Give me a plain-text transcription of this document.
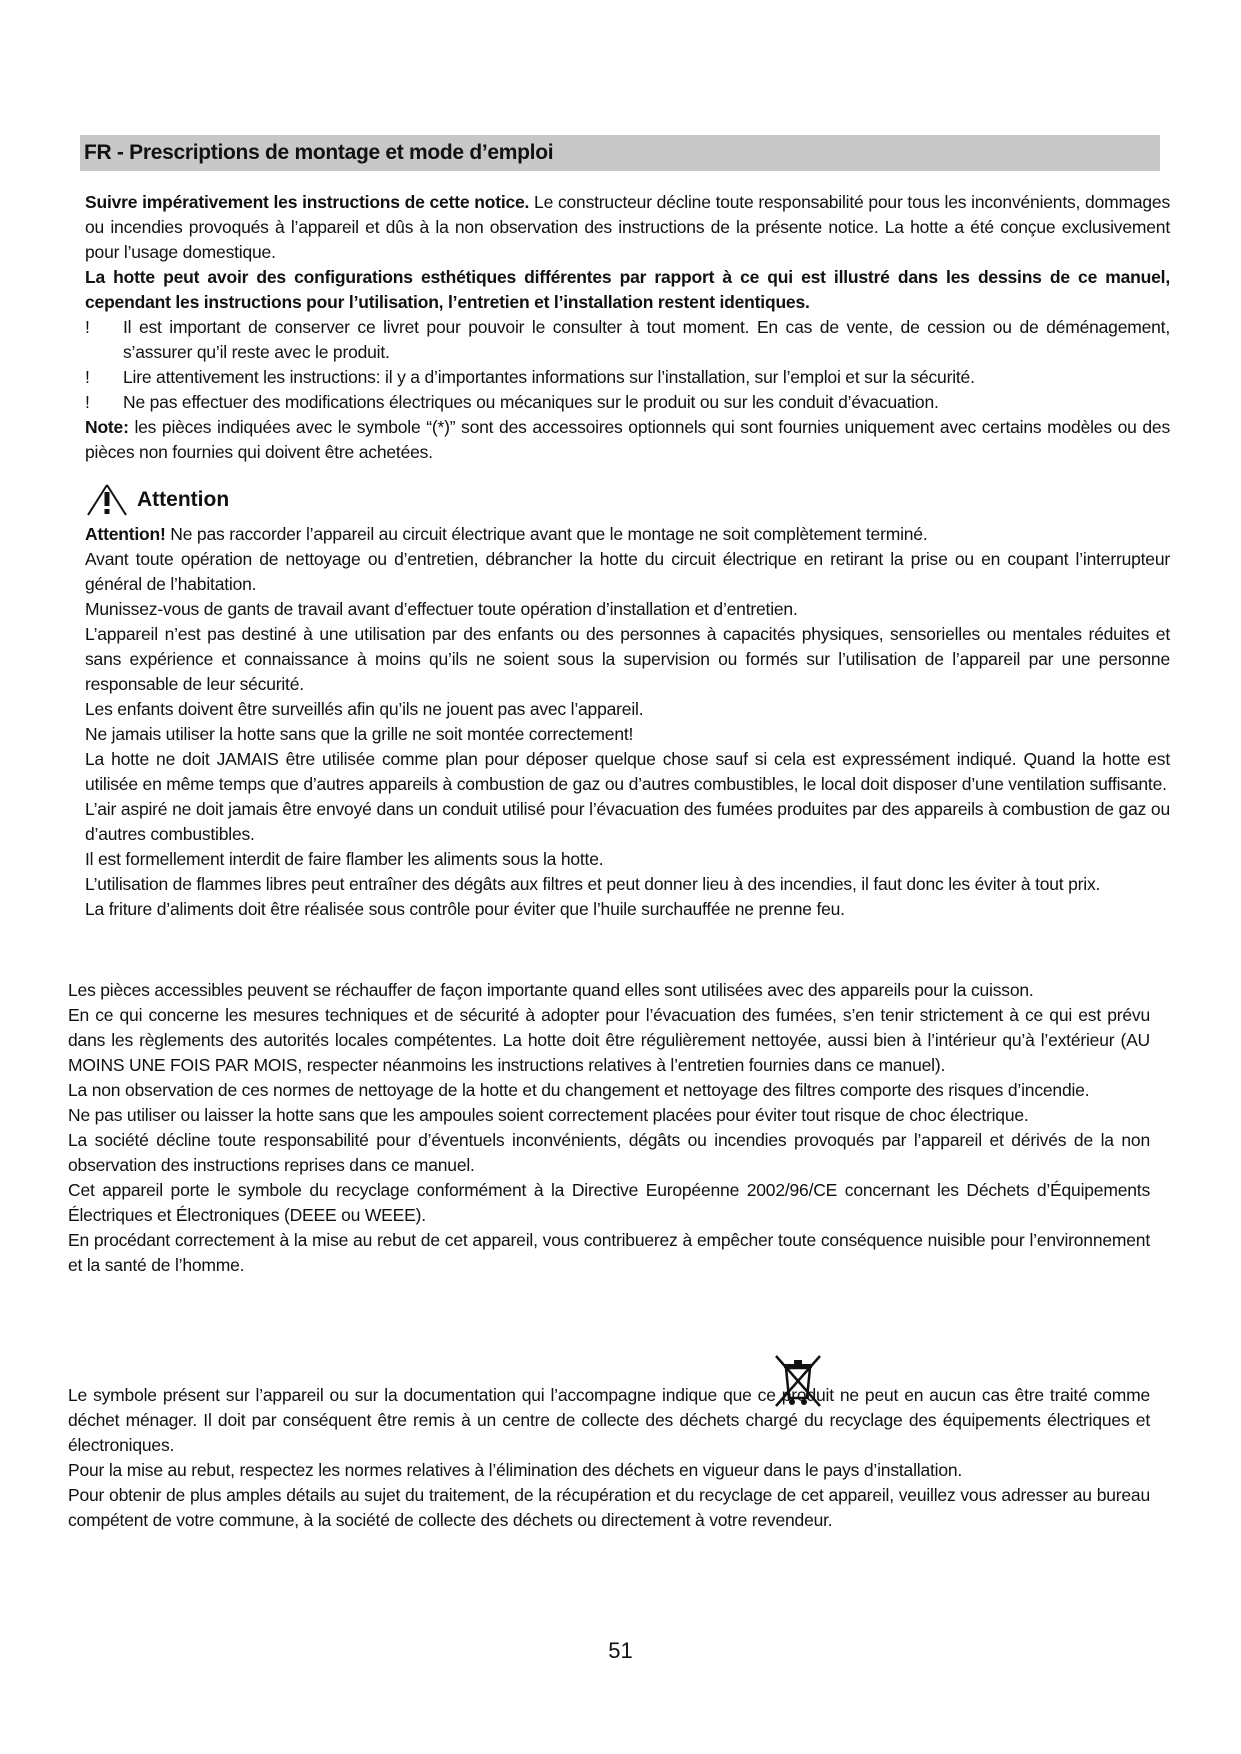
FR - Prescriptions de montage et mode d’emploi

Suivre impérativement les instructions de cette notice. Le constructeur décline toute responsabilité pour tous les inconvénients, dommages ou incendies provoqués à l’appareil et dûs à la non observation des instructions de la présente notice. La hotte a été conçue exclusivement pour l’usage domestique.

La hotte peut avoir des configurations esthétiques différentes par rapport à ce qui est illustré dans les dessins de ce manuel, cependant les instructions pour l’utilisation, l’entretien et l’installation restent identiques.

!	Il est important de conserver ce livret pour pouvoir le consulter à tout moment. En cas de vente, de cession ou de déménagement, s’assurer qu’il reste avec le produit.
!	Lire attentivement les instructions: il y a d’importantes informations sur l’installation, sur l’emploi et sur la sécurité.
!	Ne pas effectuer des modifications électriques ou mécaniques sur le produit ou sur les conduit d’évacuation.

Note: les pièces indiquées avec le symbole “(*)” sont des accessoires optionnels qui sont fournies uniquement avec certains modèles ou des pièces non fournies qui doivent être achetées.

Attention

Attention! Ne pas raccorder l’appareil au circuit électrique avant que le montage ne soit complètement terminé.

Avant toute opération de nettoyage ou d’entretien, débrancher la hotte du circuit électrique en retirant la prise ou en coupant l’interrupteur général de l’habitation.

Munissez-vous de gants de travail avant d’effectuer toute opération d’installation et d’entretien.

L’appareil n’est pas destiné à une utilisation par des enfants ou des personnes à capacités physiques, sensorielles ou mentales réduites et sans expérience et connaissance à moins qu’ils ne soient sous la supervision ou formés sur l’utilisation de l’appareil par une personne responsable de leur sécurité.

Les enfants doivent être surveillés afin qu’ils ne jouent pas avec l’appareil.

Ne jamais utiliser la hotte sans que la grille ne soit montée correctement!

La hotte ne doit JAMAIS être utilisée comme plan pour déposer quelque chose sauf si cela est expressément indiqué. Quand la hotte est utilisée en même temps que d’autres appareils à combustion de gaz ou d’autres combustibles, le local doit disposer d’une ventilation suffisante.

L’air aspiré ne doit jamais être envoyé dans un conduit utilisé pour l’évacuation des fumées produites par des appareils à combustion de gaz ou d’autres combustibles.

Il est formellement interdit de faire flamber les aliments sous la hotte.

L’utilisation de flammes libres peut entraîner des dégâts aux filtres et peut donner lieu à des incendies, il faut donc les éviter à tout prix.

La friture d’aliments doit être réalisée sous contrôle pour éviter que l’huile surchauffée ne prenne feu.

Les pièces accessibles peuvent se réchauffer de façon importante quand elles sont utilisées avec des appareils pour la cuisson.

En ce qui concerne les mesures techniques et de sécurité à adopter pour l’évacuation des fumées, s’en tenir strictement à ce qui est prévu dans les règlements des autorités locales compétentes. La hotte doit être régulièrement nettoyée, aussi bien à l’intérieur qu’à l’extérieur (AU MOINS UNE FOIS PAR MOIS, respecter néanmoins les instructions relatives à l’entretien fournies dans ce manuel).

La non observation de ces normes de nettoyage de la hotte et du changement et nettoyage des filtres comporte des risques d’incendie.

Ne pas utiliser ou laisser la hotte sans que les ampoules soient correctement placées pour éviter tout risque de choc électrique.

La société décline toute responsabilité pour d’éventuels inconvénients, dégâts ou incendies provoqués par l’appareil et dérivés de la non observation des instructions reprises dans ce manuel.

Cet appareil porte le symbole du recyclage conformément à la Directive Européenne 2002/96/CE concernant les Déchets d’Équipements Électriques et Électroniques (DEEE ou WEEE).

En procédant correctement à la mise au rebut de cet appareil, vous contribuerez à empêcher toute conséquence nuisible pour l’environnement et la santé de l’homme.

Le symbole présent sur l’appareil ou sur la documentation qui l’accompagne indique que ce produit ne peut en aucun cas être traité comme déchet ménager. Il doit par conséquent être remis à un centre de collecte des déchets chargé du recyclage des équipements électriques et électroniques.

Pour la mise au rebut, respectez les normes relatives à l’élimination des déchets en vigueur dans le pays d’installation.

Pour obtenir de plus amples détails au sujet du traitement, de la récupération et du recyclage de cet appareil, veuillez vous adresser au bureau compétent de votre commune, à la société de collecte des déchets ou directement à votre revendeur.

51
